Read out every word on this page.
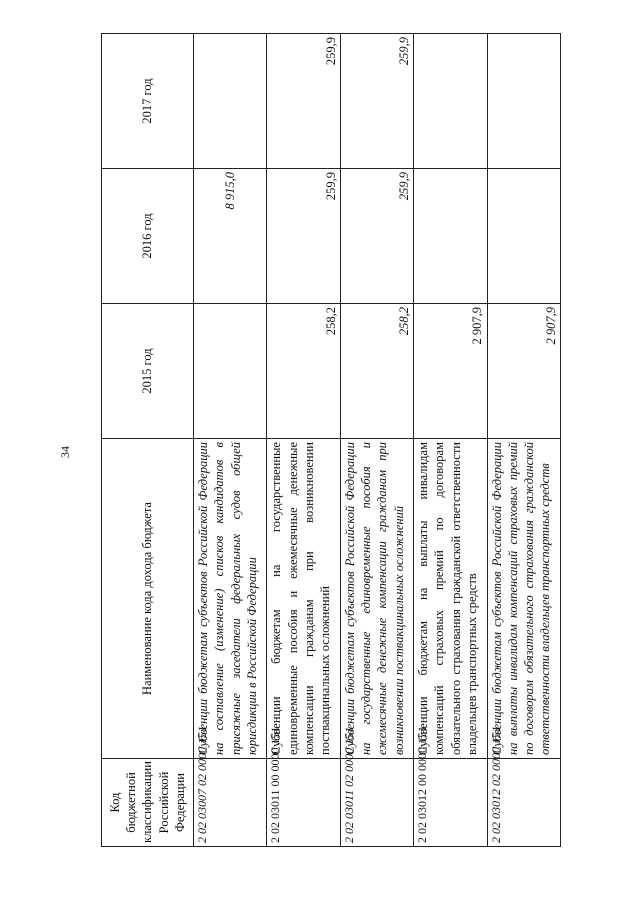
34
Код бюджетной классификации Российской Федерации	Наименование кода дохода бюджета	2015 год	2016 год	2017 год
2 02 03007 02 0000 151	Субвенции бюджетам субъектов Российской Федерации на составление (изменение) списков кандидатов в присяжные заседатели федеральных судов общей юрисдикции в Российской Федерации		8 915,0	
2 02 03011 00 0000 151	Субвенции бюджетам на государственные единовременные пособия и ежемесячные денежные компенсации гражданам при возникновении поствакцинальных осложнений	258,2	259,9	259,9
2 02 03011 02 0000 151	Субвенции бюджетам субъектов Российской Федерации на государственные единовременные пособия и ежемесячные денежные компенсации гражданам при возникновении поствакцинальных осложнений	258,2	259,9	259,9
2 02 03012 00 0000 151	Субвенции бюджетам на выплаты инвалидам компенсаций страховых премий по договорам обязательного страхования гражданской ответственности владельцев транспортных средств	2 907,9		
2 02 03012 02 0000 151	Субвенции бюджетам субъектов Российской Федерации на выплаты инвалидам компенсаций страховых премий по договорам обязательного страхования гражданской ответственности владельцев транспортных средств	2 907,9		
